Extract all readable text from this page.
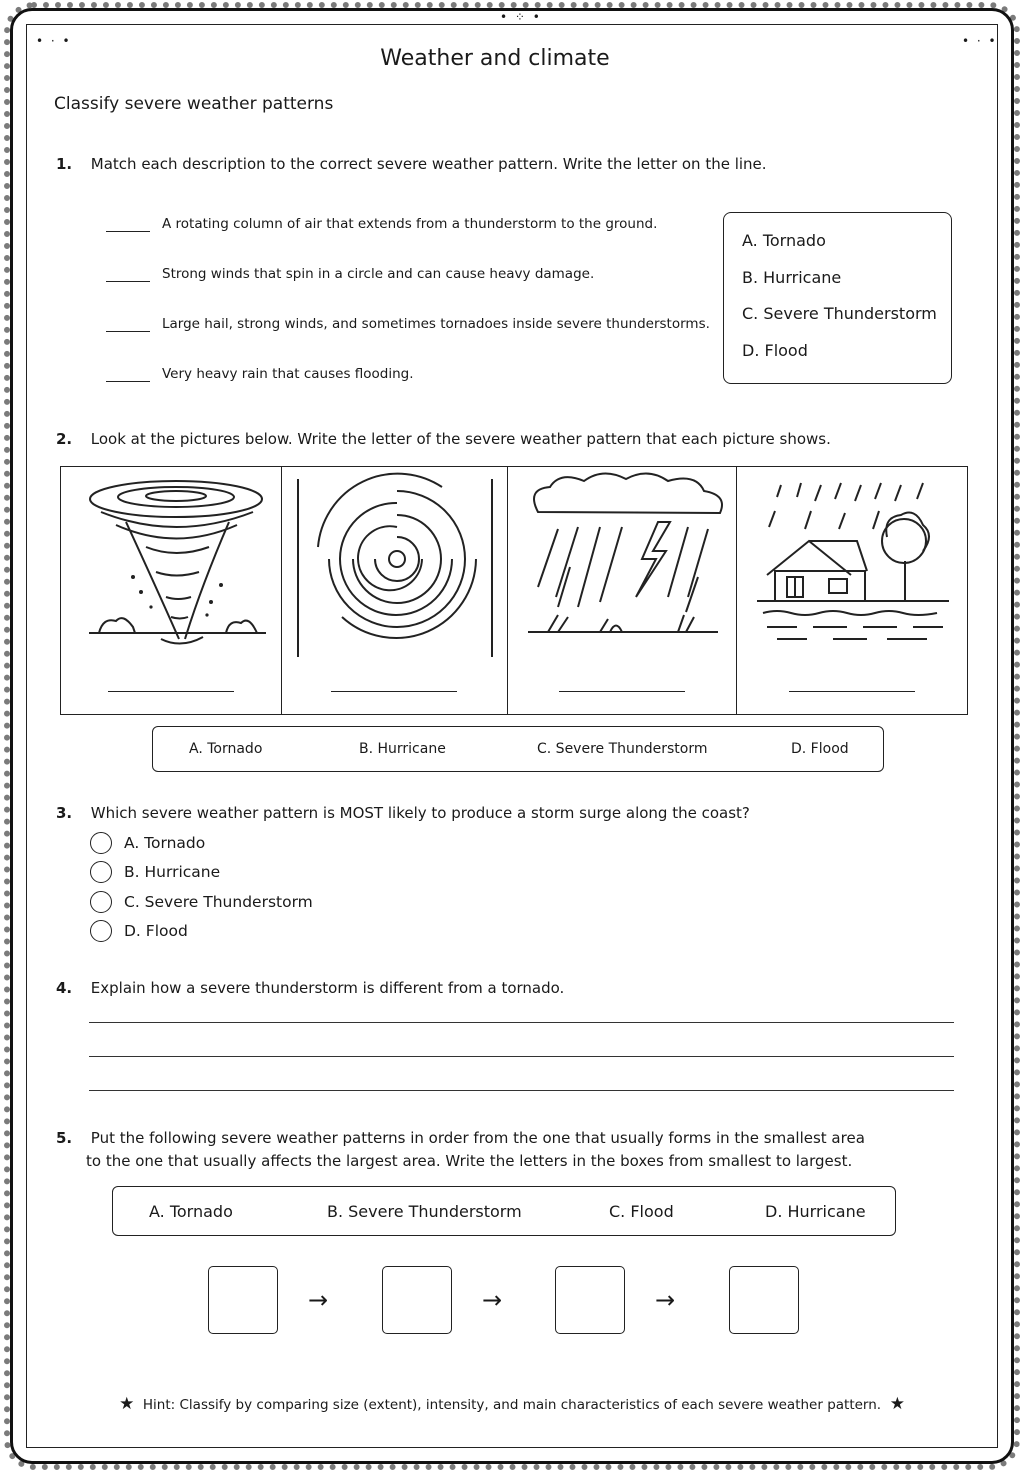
• · •	• · •
• ⁘ •
Weather and climate
Classify severe weather patterns
1. Match each description to the correct severe weather pattern. Write the letter on the line.
A rotating column of air that extends from a thunderstorm to the ground.
Strong winds that spin in a circle and can cause heavy damage.
Large hail, strong winds, and sometimes tornadoes inside severe thunderstorms.
Very heavy rain that causes flooding.
A. Tornado
B. Hurricane
C. Severe Thunderstorm
D. Flood
2. Look at the pictures below. Write the letter of the severe weather pattern that each picture shows.
A. Tornado	B. Hurricane	C. Severe Thunderstorm	D. Flood
3. Which severe weather pattern is MOST likely to produce a storm surge along the coast?
A. Tornado
B. Hurricane
C. Severe Thunderstorm
D. Flood
4. Explain how a severe thunderstorm is different from a tornado.
5. Put the following severe weather patterns in order from the one that usually forms in the smallest area
to the one that usually affects the largest area. Write the letters in the boxes from smallest to largest.
A. Tornado	B. Severe Thunderstorm	C. Flood	D. Hurricane
→	→	→
★ Hint: Classify by comparing size (extent), intensity, and main characteristics of each severe weather pattern. ★
